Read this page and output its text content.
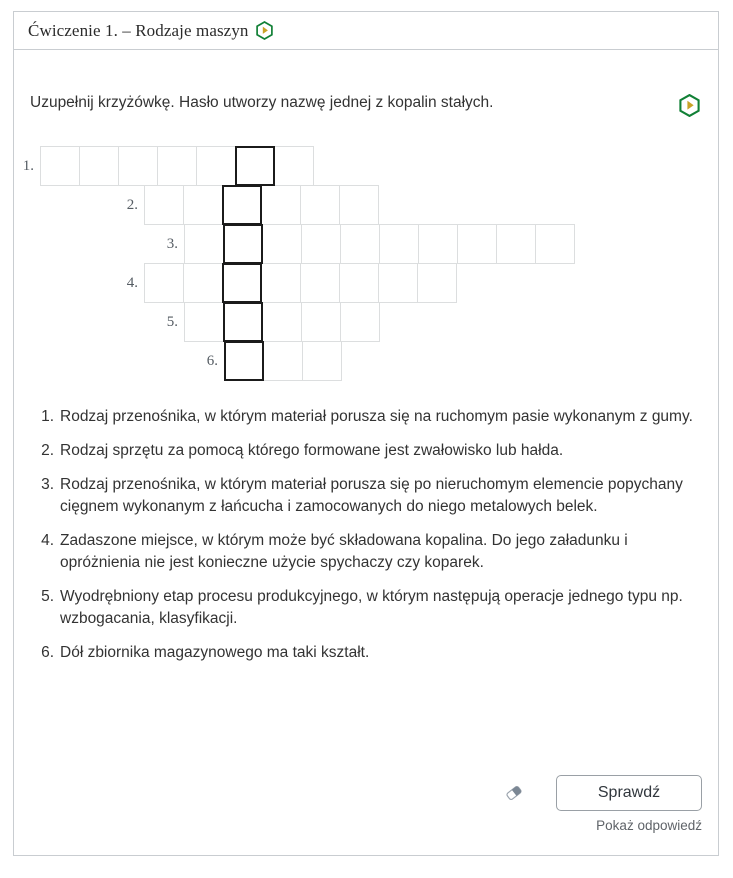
Ćwiczenie 1. – Rodzaje maszyn
Uzupełnij krzyżówkę. Hasło utworzy nazwę jednej z kopalin stałych.
1.
2.
3.
4.
5.
6.
Rodzaj przenośnika, w którym materiał porusza się na ruchomym pasie wykonanym z gumy.
Rodzaj sprzętu za pomocą którego formowane jest zwałowisko lub hałda.
Rodzaj przenośnika, w którym materiał porusza się po nieruchomym elemencie popychany cięgnem wykonanym z łańcucha i zamocowanych do niego metalowych belek.
Zadaszone miejsce, w którym może być składowana kopalina. Do jego załadunku i opróżnienia nie jest konieczne użycie spychaczy czy koparek.
Wyodrębniony etap procesu produkcyjnego, w którym następują operacje jednego typu np. wzbogacania, klasyfikacji.
Dół zbiornika magazynowego ma taki kształt.
Sprawdź
Pokaż odpowiedź
